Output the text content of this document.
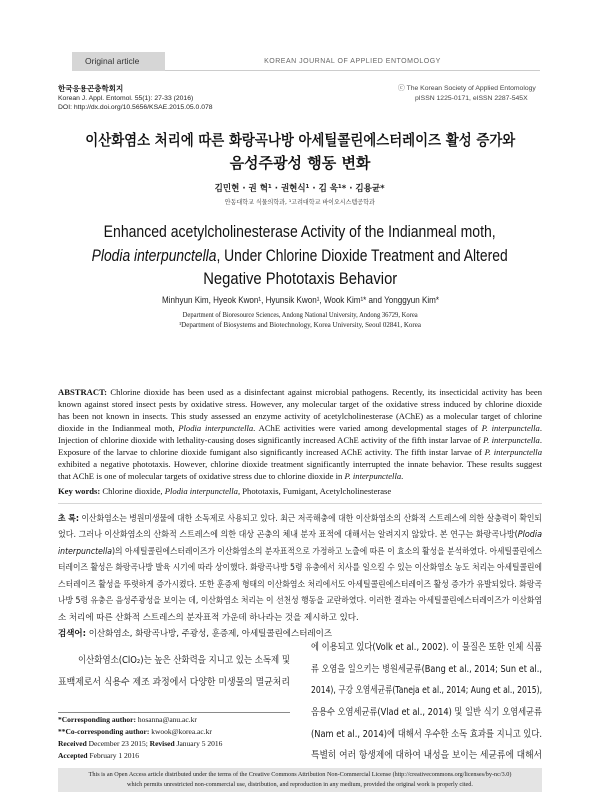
Original article	KOREAN JOURNAL OF APPLIED ENTOMOLOGY
한국응용곤충학회지
Korean J. Appl. Entomol. 55(1): 27-33 (2016)
DOI: http://dx.doi.org/10.5656/KSAE.2015.05.0.078
ⓒ The Korean Society of Applied Entomology
pISSN 1225-0171, eISSN 2287-545X
이산화염소 처리에 따른 화랑곡나방 아세틸콜린에스터레이즈 활성 증가와
음성주광성 행동 변화
김민현 · 권 혁¹ · 권현식¹ · 김 욱¹* · 김용균*
안동대학교 식물의학과, ¹고려대학교 바이오시스템공학과
Enhanced acetylcholinesterase Activity of the Indianmeal moth,
Plodia interpunctella, Under Chlorine Dioxide Treatment and Altered
Negative Phototaxis Behavior
Minhyun Kim, Hyeok Kwon¹, Hyunsik Kwon¹, Wook Kim¹* and Yonggyun Kim*
Department of Bioresource Sciences, Andong National University, Andong 36729, Korea
¹Department of Biosystems and Biotechnology, Korea University, Seoul 02841, Korea
ABSTRACT: Chlorine dioxide has been used as a disinfectant against microbial pathogens. Recently, its insecticidal activity has been
known against stored insect pests by oxidative stress. However, any molecular target of the oxidative stress induced by chlorine dioxide
has been not known in insects. This study assessed an enzyme activity of acetylcholinesterase (AChE) as a molecular target of chlorine
dioxide in the Indianmeal moth, Plodia interpunctella. AChE activities were varied among developmental stages of P. interpunctella.
Injection of chlorine dioxide with lethality-causing doses significantly increased AChE activity of the fifth instar larvae of P. interpunctella.
Exposure of the larvae to chlorine dioxide fumigant also significantly increased AChE activity. The fifth instar larvae of P. interpunctella
exhibited a negative phototaxis. However, chlorine dioxide treatment significantly interrupted the innate behavior. These results suggest
that AChE is one of molecular targets of oxidative stress due to chlorine dioxide in P. interpunctella.
Key words: Chlorine dioxide, Plodia interpunctella, Phototaxis, Fumigant, Acetylcholinesterase
초 록: 이산화염소는 병원미생물에 대한 소독제로 사용되고 있다. 최근 저곡해충에 대한 이산화염소의 산화적 스트레스에 의한 살충력이 확인되
었다. 그러나 이산화염소의 산화적 스트레스에 의한 대상 곤충의 체내 분자 표적에 대해서는 알려지지 않았다. 본 연구는 화랑곡나방(Plodia
interpunctella)의 아세틸콜린에스터레이즈가 이산화염소의 분자표적으로 가정하고 노출에 따른 이 효소의 활성을 분석하였다. 아세틸콜린에스
터레이즈 활성은 화랑곡나방 발육 시기에 따라 상이했다. 화랑곡나방 5령 유충에서 치사를 일으킬 수 있는 이산화염소 농도 처리는 아세틸콜린에
스터레이즈 활성을 뚜렷하게 증가시켰다. 또한 훈증제 형태의 이산화염소 처리에서도 아세틸콜린에스터레이즈 활성 증가가 유발되었다. 화랑곡
나방 5령 유충은 음성주광성을 보이는 데, 이산화염소 처리는 이 선천성 행동을 교란하였다. 이러한 결과는 아세틸콜린에스터레이즈가 이산화염
소 처리에 따른 산화적 스트레스의 분자표적 가운데 하나라는 것을 제시하고 있다.
검색어: 이산화염소, 화랑곡나방, 주광성, 훈증제, 아세틸콜린에스터레이즈
이산화염소(ClO₂)는 높은 산화력을 지니고 있는 소독제 및
표백제로서 식용수 제조 과정에서 다양한 미생물의 멸균처리
에 이용되고 있다(Volk et al., 2002). 이 물질은 또한 인체 식품
류 오염을 일으키는 병원세균류(Bang et al., 2014; Sun et al.,
2014), 구강 오염세균류(Taneja et al., 2014; Aung et al., 2015),
음용수 오염세균류(Vlad et al., 2014) 및 일반 식기 오염세균류
(Nam et al., 2014)에 대해서 우수한 소독 효과를 지니고 있다.
특별히 여러 항생제에 대하여 내성을 보이는 세균류에 대해서
*Corresponding author: hosanna@anu.ac.kr
**Co-corresponding author: kwook@korea.ac.kr
Received December 23 2015; Revised January 5 2016
Accepted February 1 2016
This is an Open Access article distributed under the terms of the Creative Commons Attribution Non-Commercial License (http://creativecommons.org/licenses/by-nc/3.0)
which permits unrestricted non-commercial use, distribution, and reproduction in any medium, provided the original work is properly cited.
